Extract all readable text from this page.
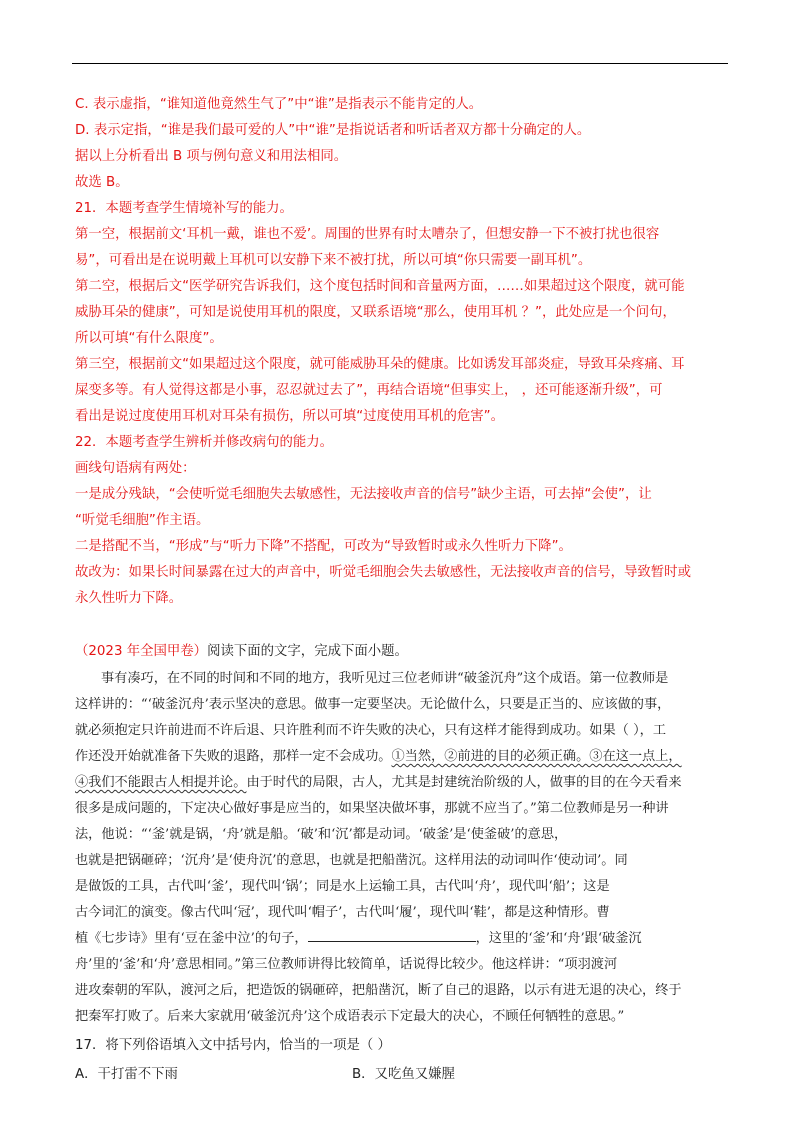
C. 表示虚指，“谁知道他竟然生气了”中“谁”是指表示不能肯定的人。
D. 表示定指，“谁是我们最可爱的人”中“谁”是指说话者和听话者双方都十分确定的人。
据以上分析看出 B 项与例句意义和用法相同。
故选 B。
21．本题考查学生情境补写的能力。
第一空，根据前文‘耳机一戴，谁也不爱’。周围的世界有时太嘈杂了，但想安静一下不被打扰也很容
易”，可看出是在说明戴上耳机可以安静下来不被打扰，所以可填“你只需要一副耳机”。
第二空，根据后文“医学研究告诉我们，这个度包括时间和音量两方面，……如果超过这个限度，就可能
威胁耳朵的健康”，可知是说使用耳机的限度，又联系语境“那么，使用耳机 ？”，此处应是一个问句，
所以可填“有什么限度”。
第三空，根据前文“如果超过这个限度，就可能威胁耳朵的健康。比如诱发耳部炎症，导致耳朵疼痛、耳
屎变多等。有人觉得这都是小事，忍忍就过去了”，再结合语境“但事实上， ，还可能逐渐升级”，可
看出是说过度使用耳机对耳朵有损伤，所以可填“过度使用耳机的危害”。
22．本题考查学生辨析并修改病句的能力。
画线句语病有两处：
一是成分残缺，“会使听觉毛细胞失去敏感性，无法接收声音的信号”缺少主语，可去掉“会使”，让
“听觉毛细胞”作主语。
二是搭配不当，“形成”与“听力下降”不搭配，可改为“导致暂时或永久性听力下降”。
故改为：如果长时间暴露在过大的声音中，听觉毛细胞会失去敏感性，无法接收声音的信号，导致暂时或
永久性听力下降。
（2023 年全国甲卷）阅读下面的文字，完成下面小题。
事有凑巧，在不同的时间和不同的地方，我听见过三位老师讲“破釜沉舟”这个成语。第一位教师是
这样讲的：“‘破釜沉舟’表示坚决的意思。做事一定要坚决。无论做什么，只要是正当的、应该做的事，
就必须抱定只许前进而不许后退、只许胜利而不许失败的决心，只有这样才能得到成功。如果（ ），工
作还没开始就准备下失败的退路，那样一定不会成功。①当然，②前进的目的必须正确。③在这一点上，
④我们不能跟古人相提并论。由于时代的局限，古人，尤其是封建统治阶级的人，做事的目的在今天看来
很多是成问题的，下定决心做好事是应当的，如果坚决做坏事，那就不应当了。”第二位教师是另一种讲
法，他说：“‘釜’就是锅，‘舟’就是船。‘破’和‘沉’都是动词。‘破釜’是‘使釜破’的意思，
也就是把锅砸碎；‘沉舟’是‘使舟沉’的意思，也就是把船凿沉。这样用法的动词叫作‘使动词’。同
是做饭的工具，古代叫‘釜’，现代叫‘锅’；同是水上运输工具，古代叫‘舟’，现代叫‘船’；这是
古今词汇的演变。像古代叫‘冠’，现代叫‘帽子’，古代叫‘履’，现代叫‘鞋’，都是这种情形。曹
植《七步诗》里有‘豆在釜中泣’的句子，	，这里的‘釜’和‘舟’跟‘破釜沉
舟’里的‘釜’和‘舟’意思相同。”第三位教师讲得比较简单，话说得比较少。他这样讲：“项羽渡河
进攻秦朝的军队，渡河之后，把造饭的锅砸碎，把船凿沉，断了自己的退路，以示有进无退的决心，终于
把秦军打败了。后来大家就用‘破釜沉舟’这个成语表示下定最大的决心，不顾任何牺牲的意思。”
17．将下列俗语填入文中括号内，恰当的一项是（ ）
A．干打雷不下雨	B．又吃鱼又嫌腥
